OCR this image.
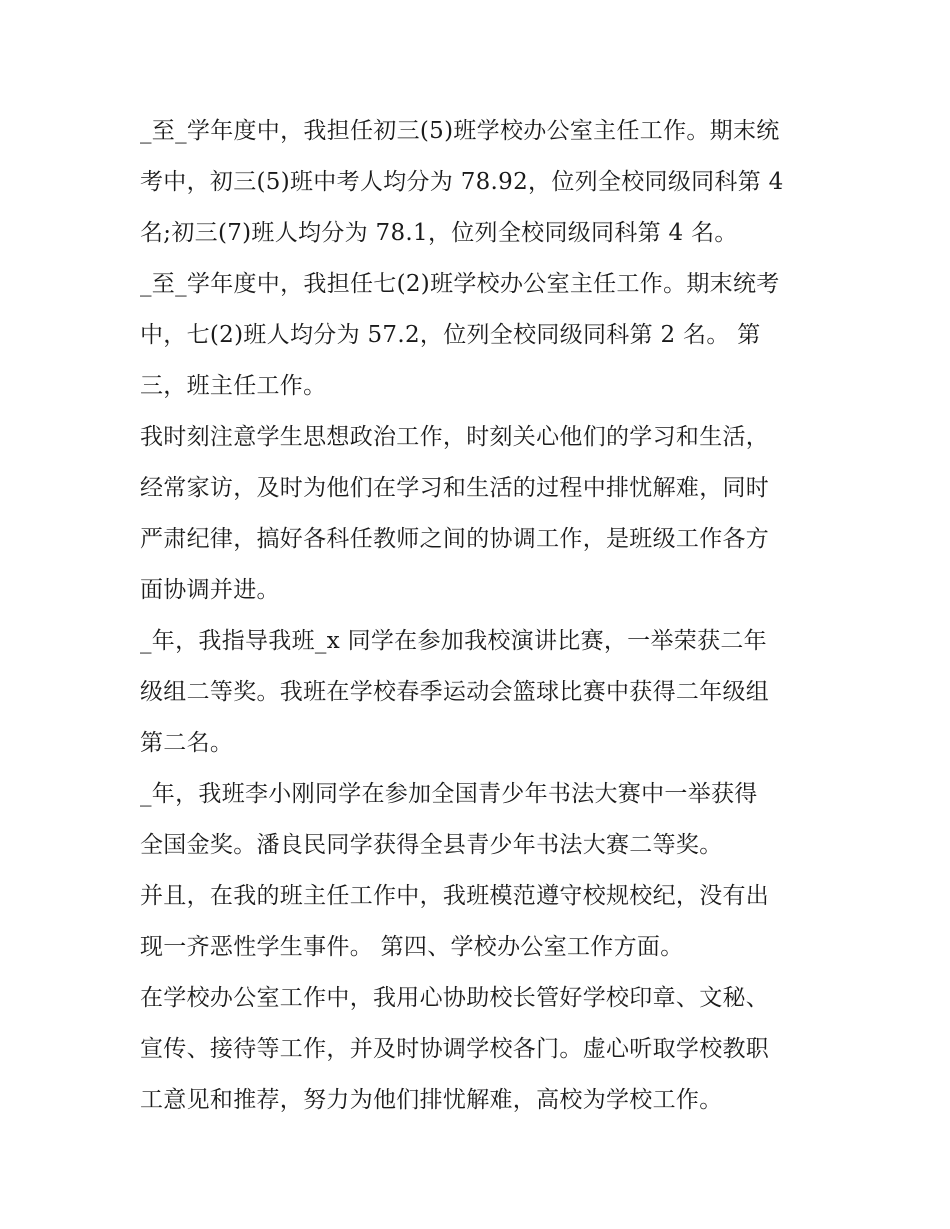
_至_学年度中，我担任初三(5)班学校办公室主任工作。期末统
考中，初三(5)班中考人均分为 78.92，位列全校同级同科第 4
名;初三(7)班人均分为 78.1，位列全校同级同科第 4 名。
_至_学年度中，我担任七(2)班学校办公室主任工作。期末统考
中，七(2)班人均分为 57.2，位列全校同级同科第 2 名。 第
三，班主任工作。
我时刻注意学生思想政治工作，时刻关心他们的学习和生活，
经常家访，及时为他们在学习和生活的过程中排忧解难，同时
严肃纪律，搞好各科任教师之间的协调工作，是班级工作各方
面协调并进。
_年，我指导我班_x 同学在参加我校演讲比赛，一举荣获二年
级组二等奖。我班在学校春季运动会篮球比赛中获得二年级组
第二名。
_年，我班李小刚同学在参加全国青少年书法大赛中一举获得
全国金奖。潘良民同学获得全县青少年书法大赛二等奖。
并且，在我的班主任工作中，我班模范遵守校规校纪，没有出
现一齐恶性学生事件。 第四、学校办公室工作方面。
在学校办公室工作中，我用心协助校长管好学校印章、文秘、
宣传、接待等工作，并及时协调学校各门。虚心听取学校教职
工意见和推荐，努力为他们排忧解难，高校为学校工作。
